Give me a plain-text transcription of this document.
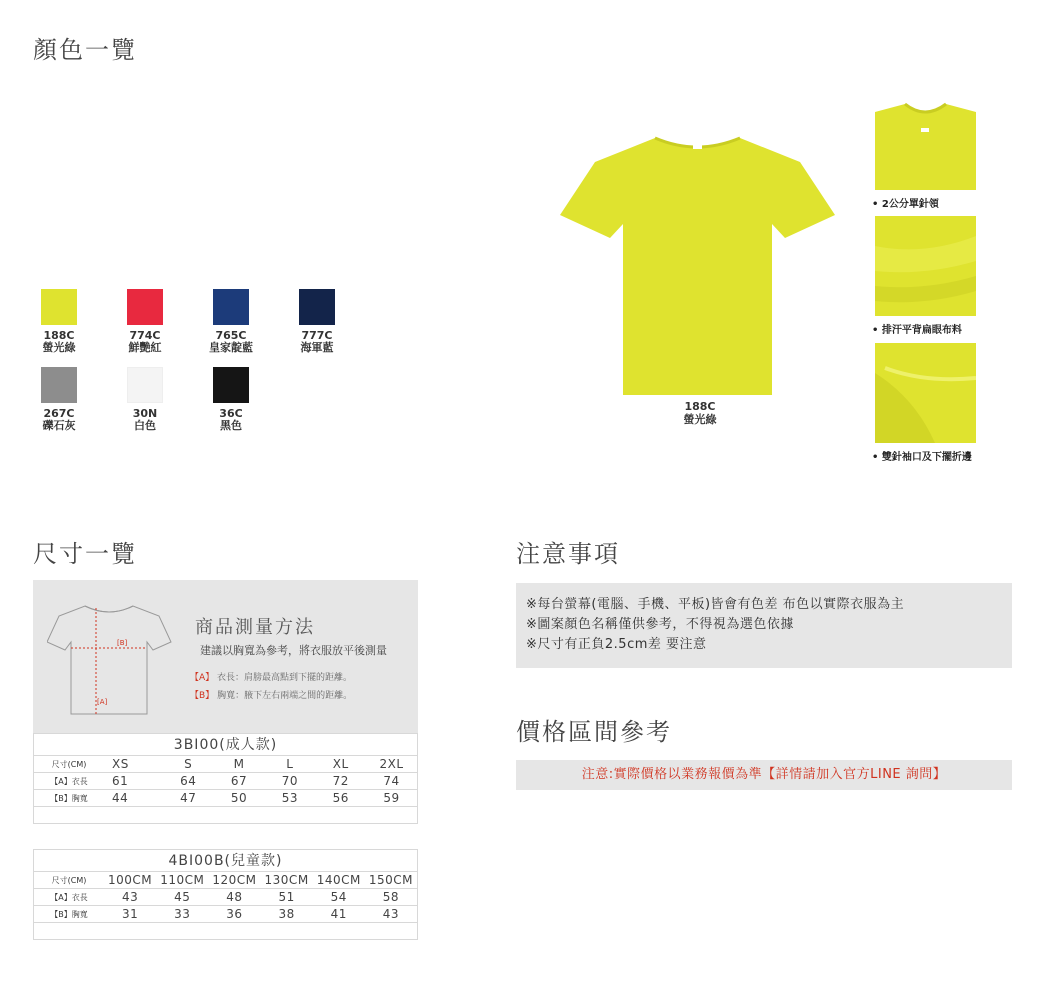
顏色一覽
尺寸一覽	注意事項
價格區間參考
188C
螢光綠
774C
鮮艷紅
765C
皇家靛藍
777C
海軍藍
267C
礫石灰
30N
白色
36C
黑色
188C
螢光綠
• 2公分單針領
• 排汗平背扁眼布料
• 雙針袖口及下擺折邊
[B]
[A]
商品測量方法
建議以胸寬為參考，將衣服放平後測量
【A】 衣長：肩膀最高點到下擺的距離。
【B】 胸寬：腋下左右兩端之間的距離。
3BI00(成人款)
尺寸(CM)	XS	S	M	L	XL	2XL
【A】衣長	61	64	67	70	72	74
【B】胸寬	44	47	50	53	56	59
4BI00B(兒童款)
尺寸(CM)	100CM 110CM 120CM 130CM 140CM 150CM
【A】衣長	43	45	48	51	54	58
【B】胸寬	31	33	36	38	41	43
※每台螢幕(電腦、手機、平板)皆會有色差 布色以實際衣服為主
※圖案顏色名稱僅供參考，不得視為選色依據
※尺寸有正負2.5cm差 要注意
注意:實際價格以業務報價為準【詳情請加入官方LINE 詢問】
